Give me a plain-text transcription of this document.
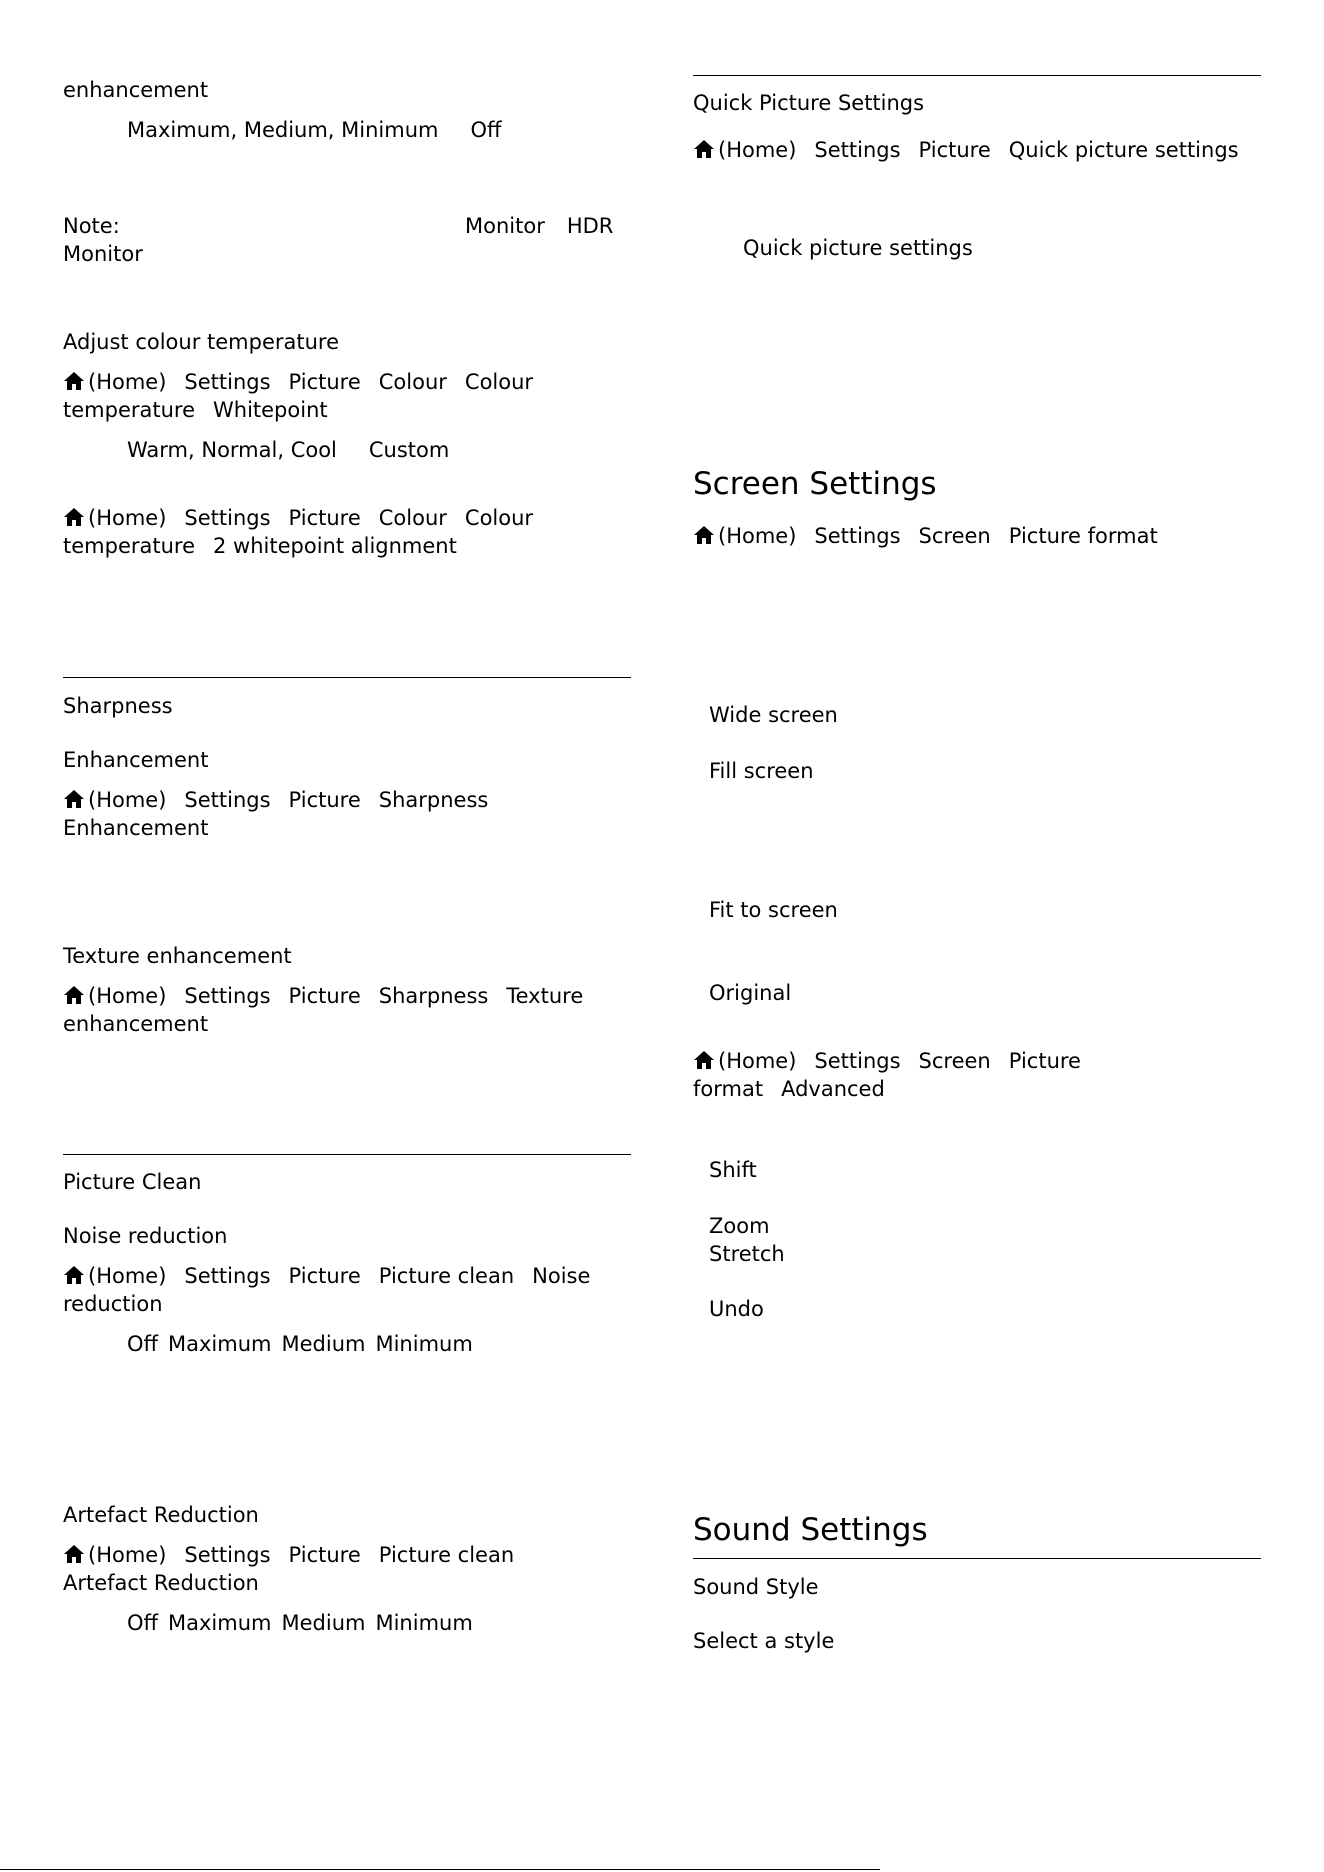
enhancement
Maximum, Medium, Minimum Off
Note:	Monitor HDR
Monitor
Adjust colour temperature
(Home) Settings Picture Colour Colour
temperature Whitepoint
Warm, Normal, Cool Custom
(Home) Settings Picture Colour Colour
temperature 2 whitepoint alignment
Sharpness
Enhancement
(Home) Settings Picture Sharpness
Enhancement
Texture enhancement
(Home) Settings Picture Sharpness Texture
enhancement
Picture Clean
Noise reduction
(Home) Settings Picture Picture clean Noise
reduction
Off Maximum Medium Minimum
Artefact Reduction
(Home) Settings Picture Picture clean
Artefact Reduction
Off Maximum Medium Minimum
Quick Picture Settings
(Home) Settings Picture Quick picture settings
Quick picture settings
Screen Settings
(Home) Settings Screen Picture format
Wide screen
Fill screen
Fit to screen
Original
(Home) Settings Screen Picture
format Advanced
Shift
Zoom
Stretch
Undo
Sound Settings
Sound Style
Select a style
